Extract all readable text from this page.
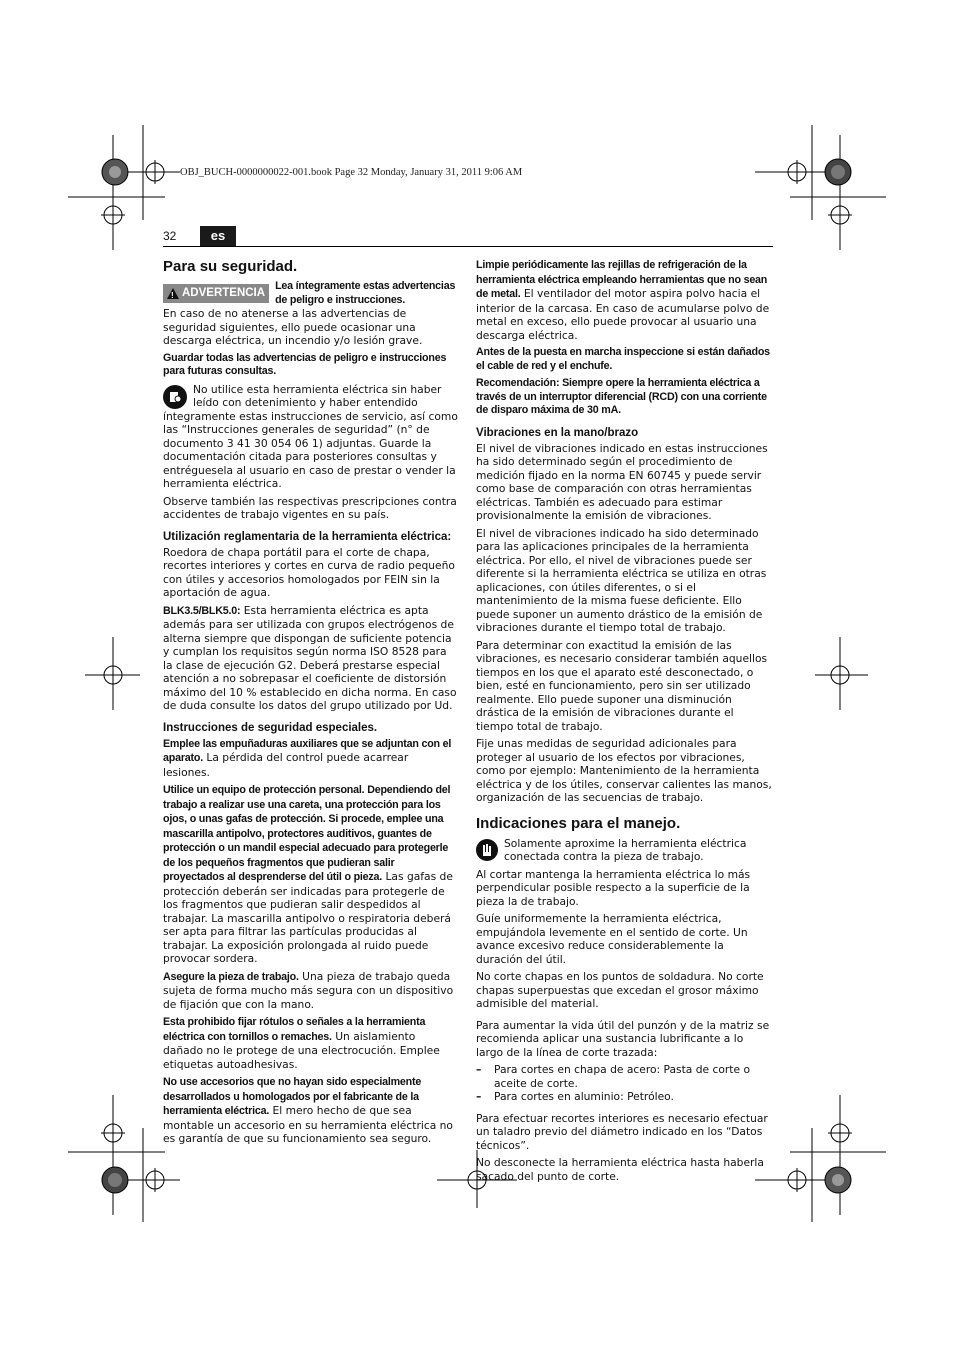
OBJ_BUCH-0000000022-001.book Page 32 Monday, January 31, 2011 9:06 AM
32	es
Para su seguridad.
!
ADVERTENCIA
Lea íntegramente estas advertencias de peligro e instrucciones.

En caso de no atenerse a las advertencias de seguridad siguientes, ello puede ocasionar una descarga eléctrica, un incendio y/o lesión grave.

Guardar todas las advertencias de peligro e instrucciones para futuras consultas.

No utilice esta herramienta eléctrica sin haber leído con detenimiento y haber entendido íntegramente estas instrucciones de servicio, así como las “Instrucciones generales de seguridad” (n° de documento 3 41 30 054 06 1) adjuntas. Guarde la documentación citada para posteriores consultas y entréguesela al usuario en caso de prestar o vender la herramienta eléctrica.

Observe también las respectivas prescripciones contra accidentes de trabajo vigentes en su país.

Utilización reglamentaria de la herramienta eléctrica:

Roedora de chapa portátil para el corte de chapa, recortes interiores y cortes en curva de radio pequeño con útiles y accesorios homologados por FEIN sin la aportación de agua.

BLK3.5/BLK5.0: Esta herramienta eléctrica es apta además para ser utilizada con grupos electrógenos de alterna siempre que dispongan de suficiente potencia y cumplan los requisitos según norma ISO 8528 para la clase de ejecución G2. Deberá prestarse especial atención a no sobrepasar el coeficiente de distorsión máximo del 10 % establecido en dicha norma. En caso de duda consulte los datos del grupo utilizado por Ud.

Instrucciones de seguridad especiales.

Emplee las empuñaduras auxiliares que se adjuntan con el aparato. La pérdida del control puede acarrear lesiones.

Utilice un equipo de protección personal. Dependiendo del trabajo a realizar use una careta, una protección para los ojos, o unas gafas de protección. Si procede, emplee una mascarilla antipolvo, protectores auditivos, guantes de protección o un mandil especial adecuado para protegerle de los pequeños fragmentos que pudieran salir proyectados al desprenderse del útil o pieza. Las gafas de protección deberán ser indicadas para protegerle de los fragmentos que pudieran salir despedidos al trabajar. La mascarilla antipolvo o respiratoria deberá ser apta para filtrar las partículas producidas al trabajar. La exposición prolongada al ruido puede provocar sordera.

Asegure la pieza de trabajo. Una pieza de trabajo queda sujeta de forma mucho más segura con un dispositivo de fijación que con la mano.

Esta prohibido fijar rótulos o señales a la herramienta eléctrica con tornillos o remaches. Un aislamiento dañado no le protege de una electrocución. Emplee etiquetas autoadhesivas.

No use accesorios que no hayan sido especialmente desarrollados u homologados por el fabricante de la herramienta eléctrica. El mero hecho de que sea montable un accesorio en su herramienta eléctrica no es garantía de que su funcionamiento sea seguro.

Limpie periódicamente las rejillas de refrigeración de la herramienta eléctrica empleando herramientas que no sean de metal. El ventilador del motor aspira polvo hacia el interior de la carcasa. En caso de acumularse polvo de metal en exceso, ello puede provocar al usuario una descarga eléctrica.

Antes de la puesta en marcha inspeccione si están dañados el cable de red y el enchufe.

Recomendación: Siempre opere la herramienta eléctrica a través de un interruptor diferencial (RCD) con una corriente de disparo máxima de 30 mA.

Vibraciones en la mano/brazo

El nivel de vibraciones indicado en estas instrucciones ha sido determinado según el procedimiento de medición fijado en la norma EN 60745 y puede servir como base de comparación con otras herramientas eléctricas. También es adecuado para estimar provisionalmente la emisión de vibraciones.

El nivel de vibraciones indicado ha sido determinado para las aplicaciones principales de la herramienta eléctrica. Por ello, el nivel de vibraciones puede ser diferente si la herramienta eléctrica se utiliza en otras aplicaciones, con útiles diferentes, o si el mantenimiento de la misma fuese deficiente. Ello puede suponer un aumento drástico de la emisión de vibraciones durante el tiempo total de trabajo.

Para determinar con exactitud la emisión de las vibraciones, es necesario considerar también aquellos tiempos en los que el aparato esté desconectado, o bien, esté en funcionamiento, pero sin ser utilizado realmente. Ello puede suponer una disminución drástica de la emisión de vibraciones durante el tiempo total de trabajo.

Fije unas medidas de seguridad adicionales para proteger al usuario de los efectos por vibraciones, como por ejemplo: Mantenimiento de la herramienta eléctrica y de los útiles, conservar calientes las manos, organización de las secuencias de trabajo.

Indicaciones para el manejo.

Solamente aproxime la herramienta eléctrica conectada contra la pieza de trabajo.

Al cortar mantenga la herramienta eléctrica lo más perpendicular posible respecto a la superficie de la pieza la de trabajo.

Guíe uniformemente la herramienta eléctrica, empujándola levemente en el sentido de corte. Un avance excesivo reduce considerablemente la duración del útil.

No corte chapas en los puntos de soldadura. No corte chapas superpuestas que excedan el grosor máximo admisible del material.

Para aumentar la vida útil del punzón y de la matriz se recomienda aplicar una sustancia lubrificante a lo largo de la línea de corte trazada:

– Para cortes en chapa de acero: Pasta de corte o aceite de corte.
– Para cortes en aluminio: Petróleo.

Para efectuar recortes interiores es necesario efectuar un taladro previo del diámetro indicado en los “Datos técnicos”.

No desconecte la herramienta eléctrica hasta haberla sacado del punto de corte.
